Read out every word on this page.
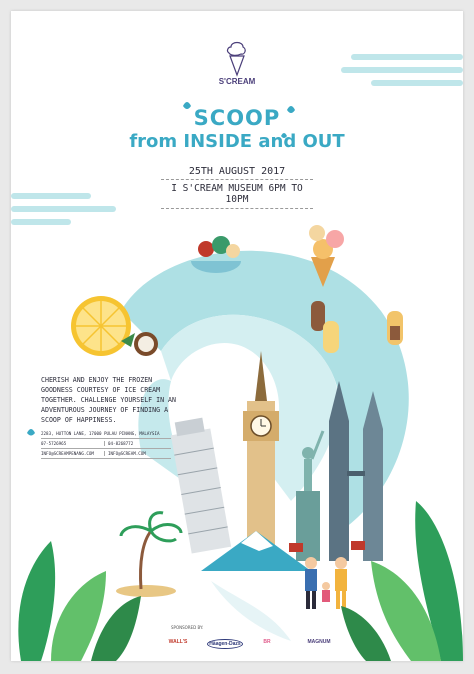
S'CREAM
SCOOP
from INSIDE and OUT
25TH AUGUST 2017
I S'CREAM MUSEUM 6PM TO 10PM
CHERISH AND ENJOY THE FROZEN GOODNESS COURTESY OF ICE CREAM TOGETHER. CHALLENGE YOURSELF IN AN ADVENTUROUS JOURNEY OF FINDING A SCOOP OF HAPPINESS.
2283, HUTTON LANE, 17000 PULAU PINANG, MALAYSIA
07-5726965	04-8268772
INFO@SCREAMPENANG.COM	INFO@SCREAM.COM
SPONSORED BY:
WALL'S	Häagen-Dazs	BR	MAGNUM
